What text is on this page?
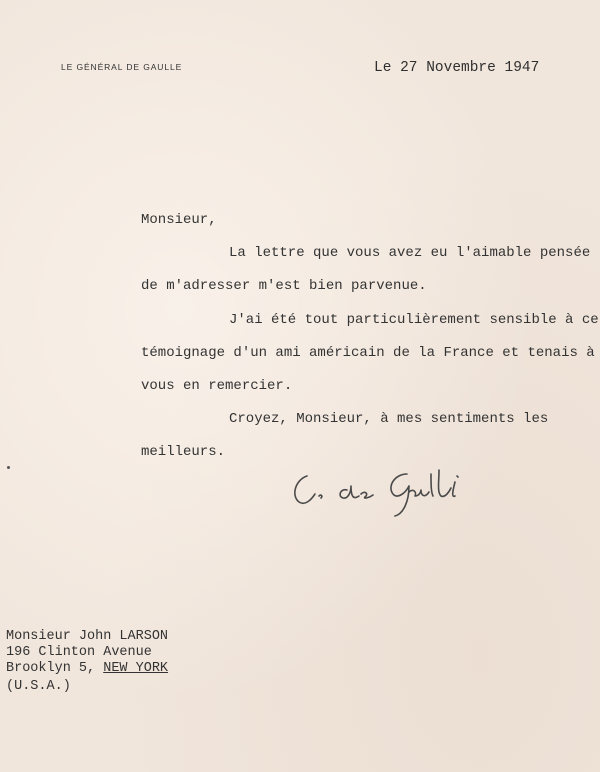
LE GÉNÉRAL DE GAULLE	Le 27 Novembre 1947
Monsieur,
La lettre que vous avez eu l'aimable pensée
de m'adresser m'est bien parvenue.
J'ai été tout particulièrement sensible à ce
témoignage d'un ami américain de la France et tenais à
vous en remercier.
Croyez, Monsieur, à mes sentiments les
meilleurs.
Monsieur John LARSON
196 Clinton Avenue
Brooklyn 5, NEW YORK
(U.S.A.)
